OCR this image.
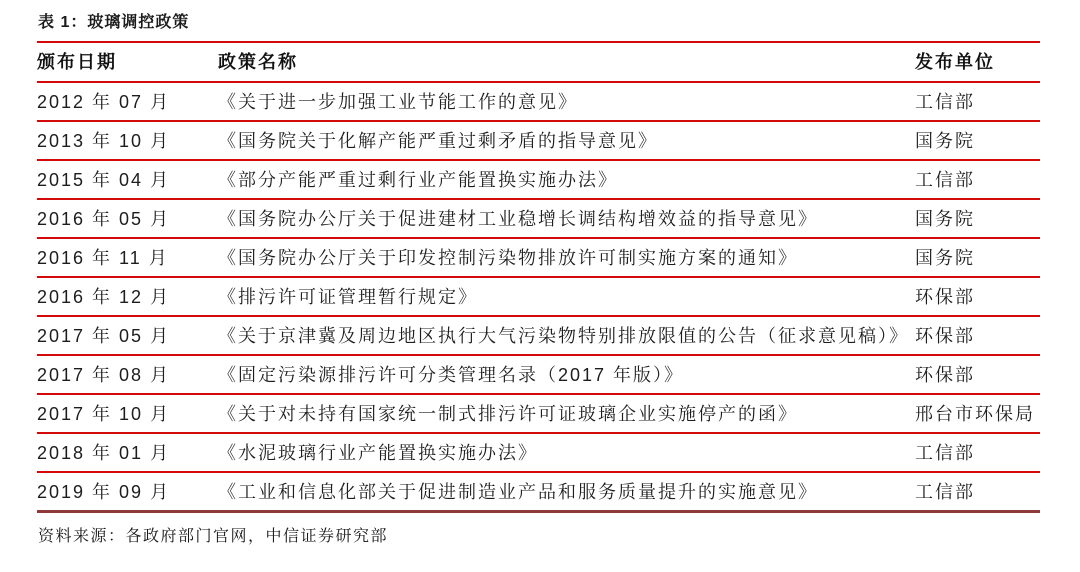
表 1：玻璃调控政策
颁布日期	政策名称	发布单位
2012 年 07 月	《关于进一步加强工业节能工作的意见》	工信部
2013 年 10 月	《国务院关于化解产能严重过剩矛盾的指导意见》	国务院
2015 年 04 月	《部分产能严重过剩行业产能置换实施办法》	工信部
2016 年 05 月	《国务院办公厅关于促进建材工业稳增长调结构增效益的指导意见》	国务院
2016 年 11 月	《国务院办公厅关于印发控制污染物排放许可制实施方案的通知》	国务院
2016 年 12 月	《排污许可证管理暂行规定》	环保部
2017 年 05 月	《关于京津冀及周边地区执行大气污染物特别排放限值的公告（征求意见稿）》	环保部
2017 年 08 月	《固定污染源排污许可分类管理名录（2017 年版）》	环保部
2017 年 10 月	《关于对未持有国家统一制式排污许可证玻璃企业实施停产的函》	邢台市环保局
2018 年 01 月	《水泥玻璃行业产能置换实施办法》	工信部
2019 年 09 月	《工业和信息化部关于促进制造业产品和服务质量提升的实施意见》	工信部
资料来源：各政府部门官网，中信证券研究部
